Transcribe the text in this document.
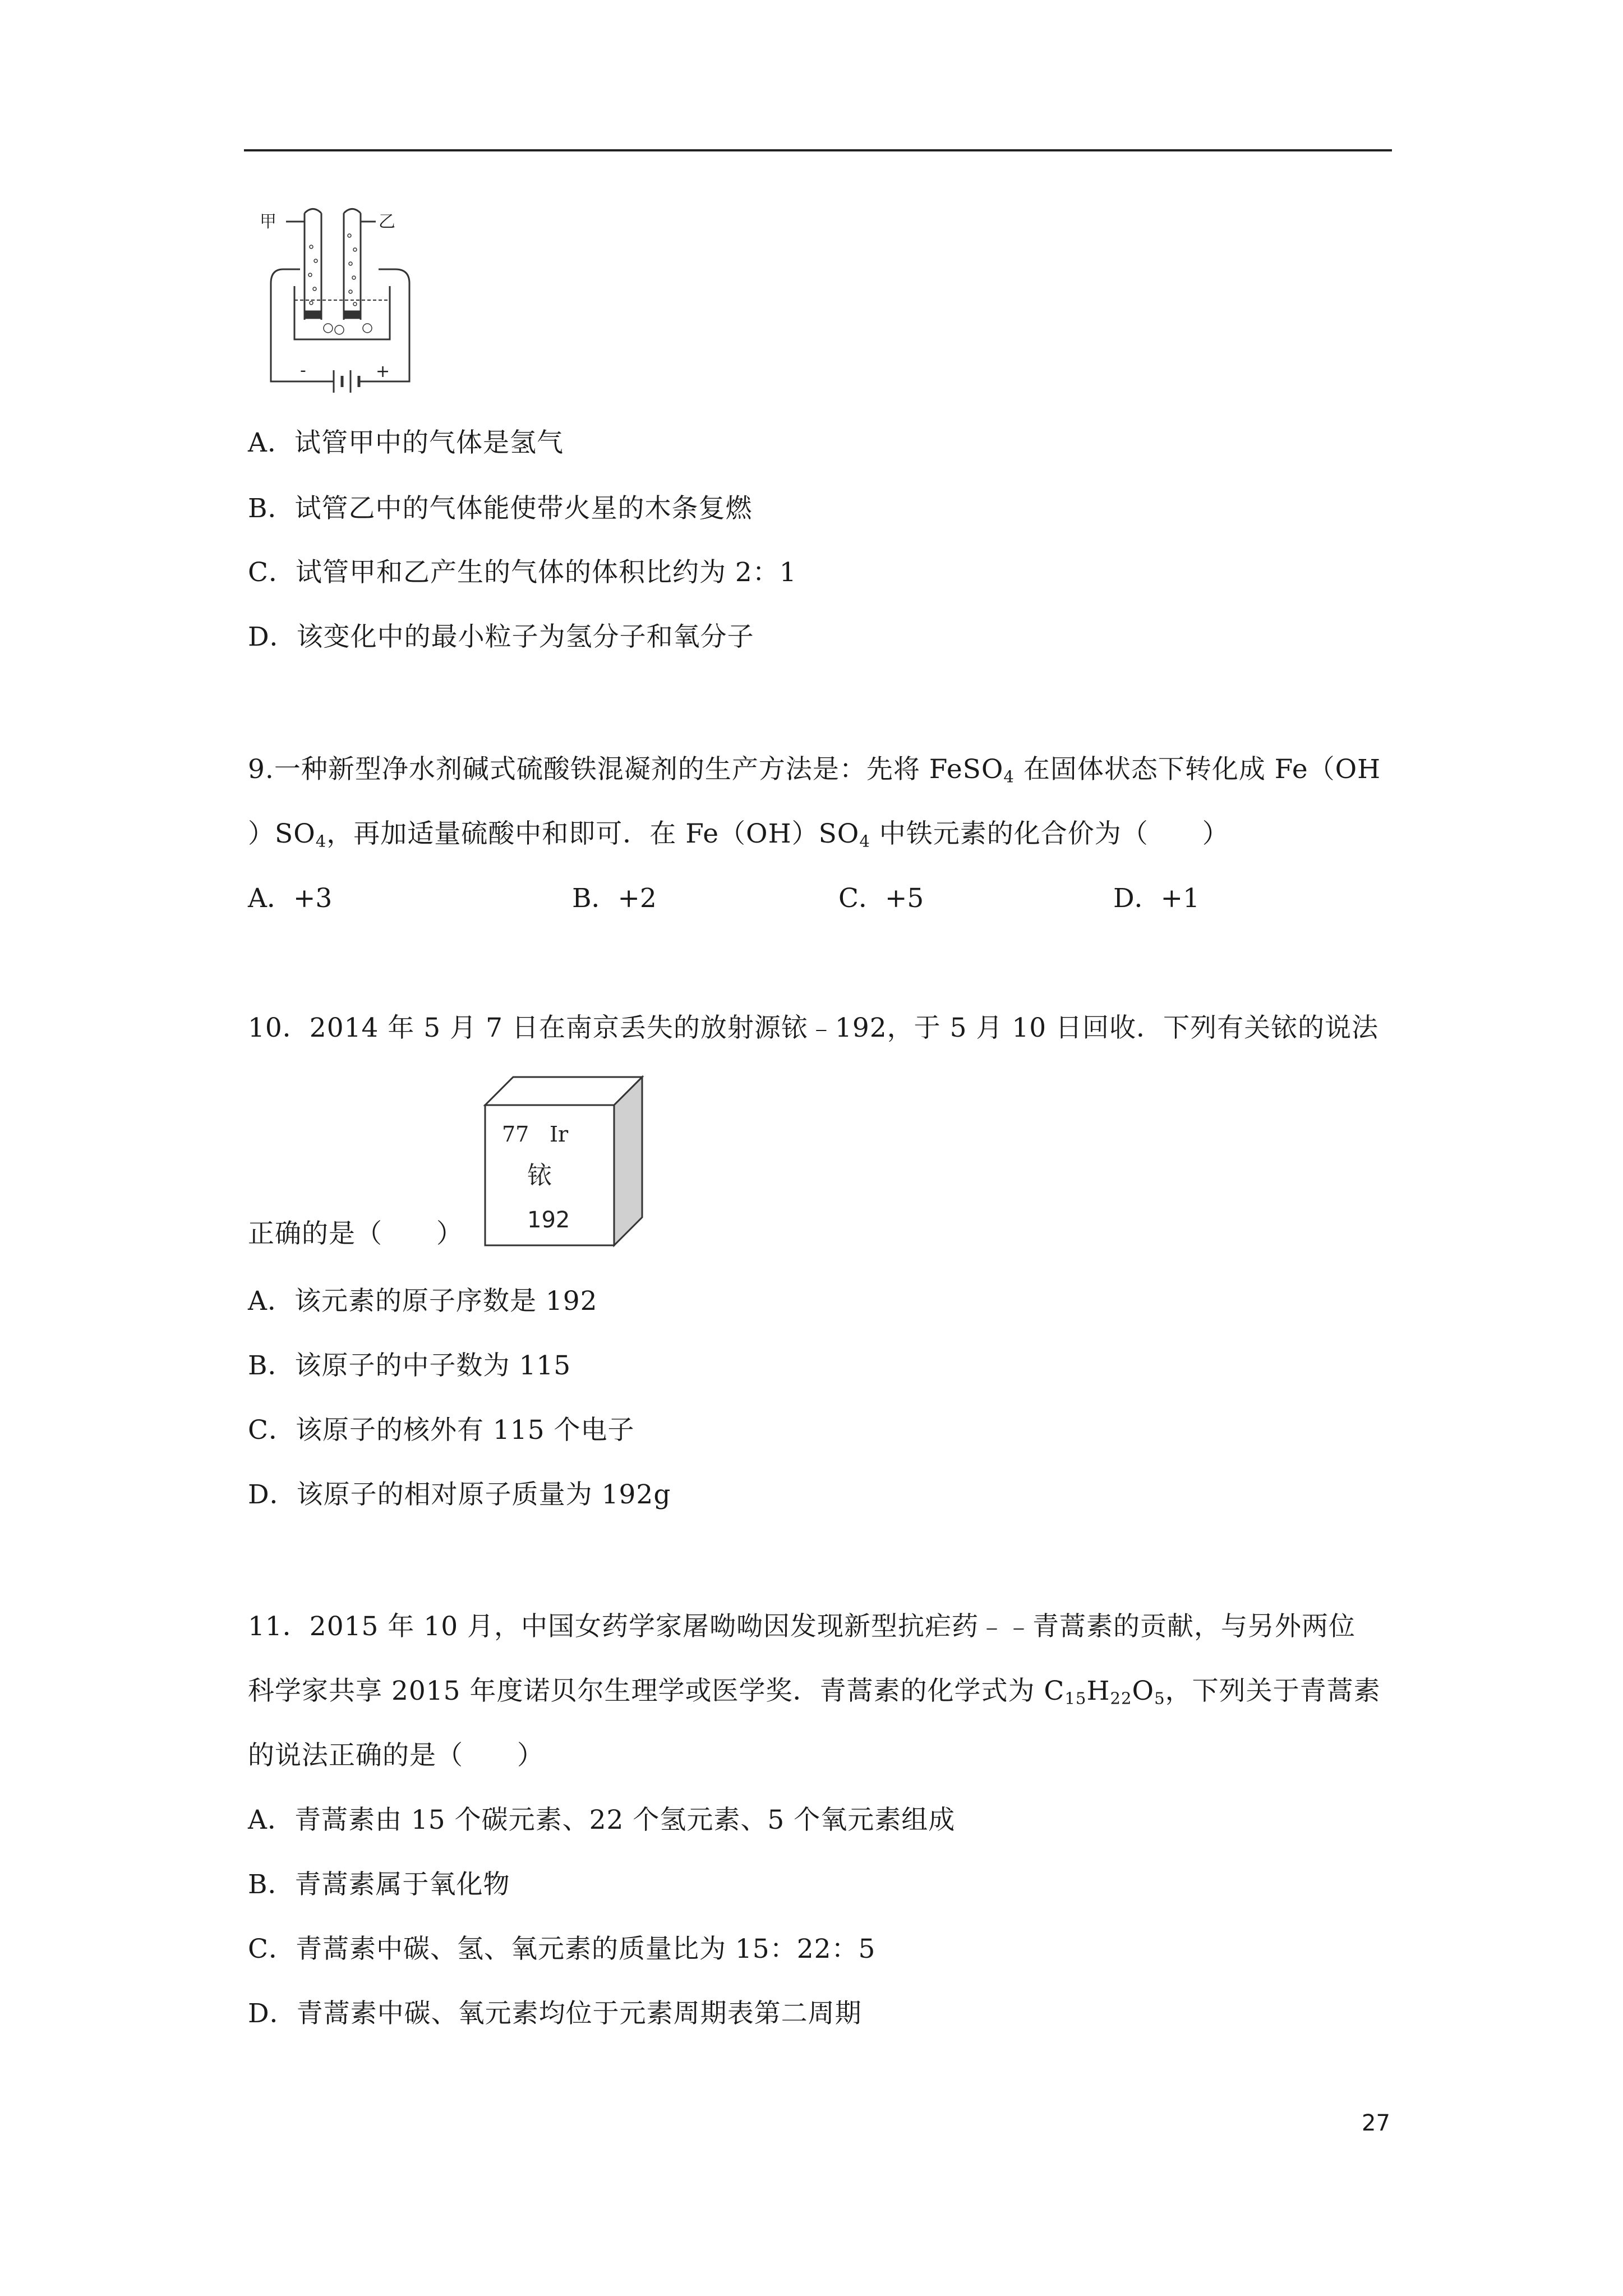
甲	乙
-	+
A．试管甲中的气体是氢气
B．试管乙中的气体能使带火星的木条复燃
C．试管甲和乙产生的气体的体积比约为 2：1
D．该变化中的最小粒子为氢分子和氧分子
9.一种新型净水剂碱式硫酸铁混凝剂的生产方法是：先将 FeSO$_4$ 在固体状态下转化成 Fe（OH
）$SO_4$，再加适量硫酸中和即可．在 $Fe(OH)SO_4$ 中铁元素的化合价为（　　）
A．+3	B．+2	C．+5	D．+1
10．2014 年 5 月 7 日在南京丢失的放射源铱﹣192，于 5 月 10 日回收．下列有关铱的说法
77 Ir
铱
192
正确的是（　　）
A．该元素的原子序数是 192
B．该原子的中子数为 115
C．该原子的核外有 115 个电子
D．该原子的相对原子质量为 192g
11．2015 年 10 月，中国女药学家屠呦呦因发现新型抗疟药﹣﹣青蒿素的贡献，与另外两位
科学家共享 2015 年度诺贝尔生理学或医学奖．青蒿素的化学式为 $C_{15}H_{22}O_5$，下列关于青蒿素
的说法正确的是（　　）
A．青蒿素由 15 个碳元素、22 个氢元素、5 个氧元素组成
B．青蒿素属于氧化物
C．青蒿素中碳、氢、氧元素的质量比为 15：22：5
D．青蒿素中碳、氧元素均位于元素周期表第二周期
27
